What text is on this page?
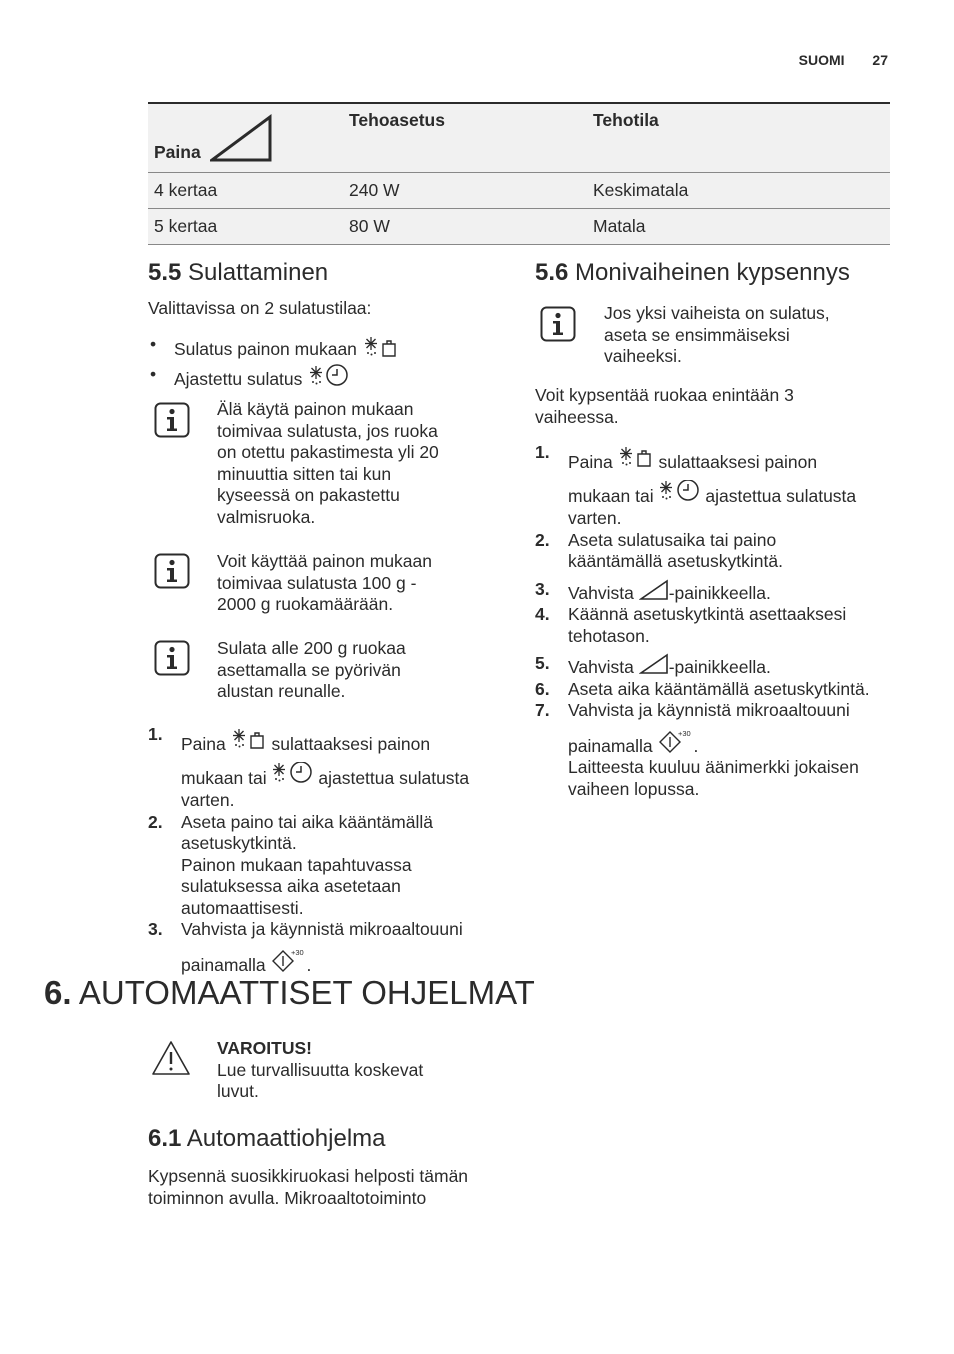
SUOMI 27
Paina	Tehoasetus	Tehotila
4 kertaa	240 W	Keskimatala
5 kertaa	80 W	Matala
5.5 Sulattaminen
Valittavissa on 2 sulatustilaa:
• Sulatus painon mukaan
• Ajastettu sulatus
Älä käytä painon mukaan
toimivaa sulatusta, jos ruoka
on otettu pakastimesta yli 20
minuuttia sitten tai kun
kyseessä on pakastettu
valmisruoka.
Voit käyttää painon mukaan
toimivaa sulatusta 100 g -
2000 g ruokamäärään.
Sulata alle 200 g ruokaa
asettamalla se pyörivän
alustan reunalle.
1. Paina	sulattaaksesi painon
mukaan tai	ajastettua sulatusta
varten.
2. Aseta paino tai aika kääntämällä
asetuskytkintä.
Painon mukaan tapahtuvassa
sulatuksessa aika asetetaan
automaattisesti.
3. Vahvista ja käynnistä mikroaaltouuni
painamalla
+30
.
5.6 Monivaiheinen kypsennys
Jos yksi vaiheista on sulatus,
aseta se ensimmäiseksi
vaiheeksi.
Voit kypsentää ruokaa enintään 3
vaiheessa.
1. Paina	sulattaaksesi painon
mukaan tai	ajastettua sulatusta
varten.
2. Aseta sulatusaika tai paino
kääntämällä asetuskytkintä.
3. Vahvista -painikkeella.
4. Käännä asetuskytkintä asettaaksesi
tehotason.
5. Vahvista -painikkeella.
6. Aseta aika kääntämällä asetuskytkintä.
7. Vahvista ja käynnistä mikroaaltouuni
painamalla
+30
.
Laitteesta kuuluu äänimerkki jokaisen
vaiheen lopussa.
6. AUTOMAATTISET OHJELMAT
VAROITUS!
Lue turvallisuutta koskevat
luvut.
6.1 Automaattiohjelma
Kypsennä suosikkiruokasi helposti tämän
toiminnon avulla. Mikroaaltotoiminto
